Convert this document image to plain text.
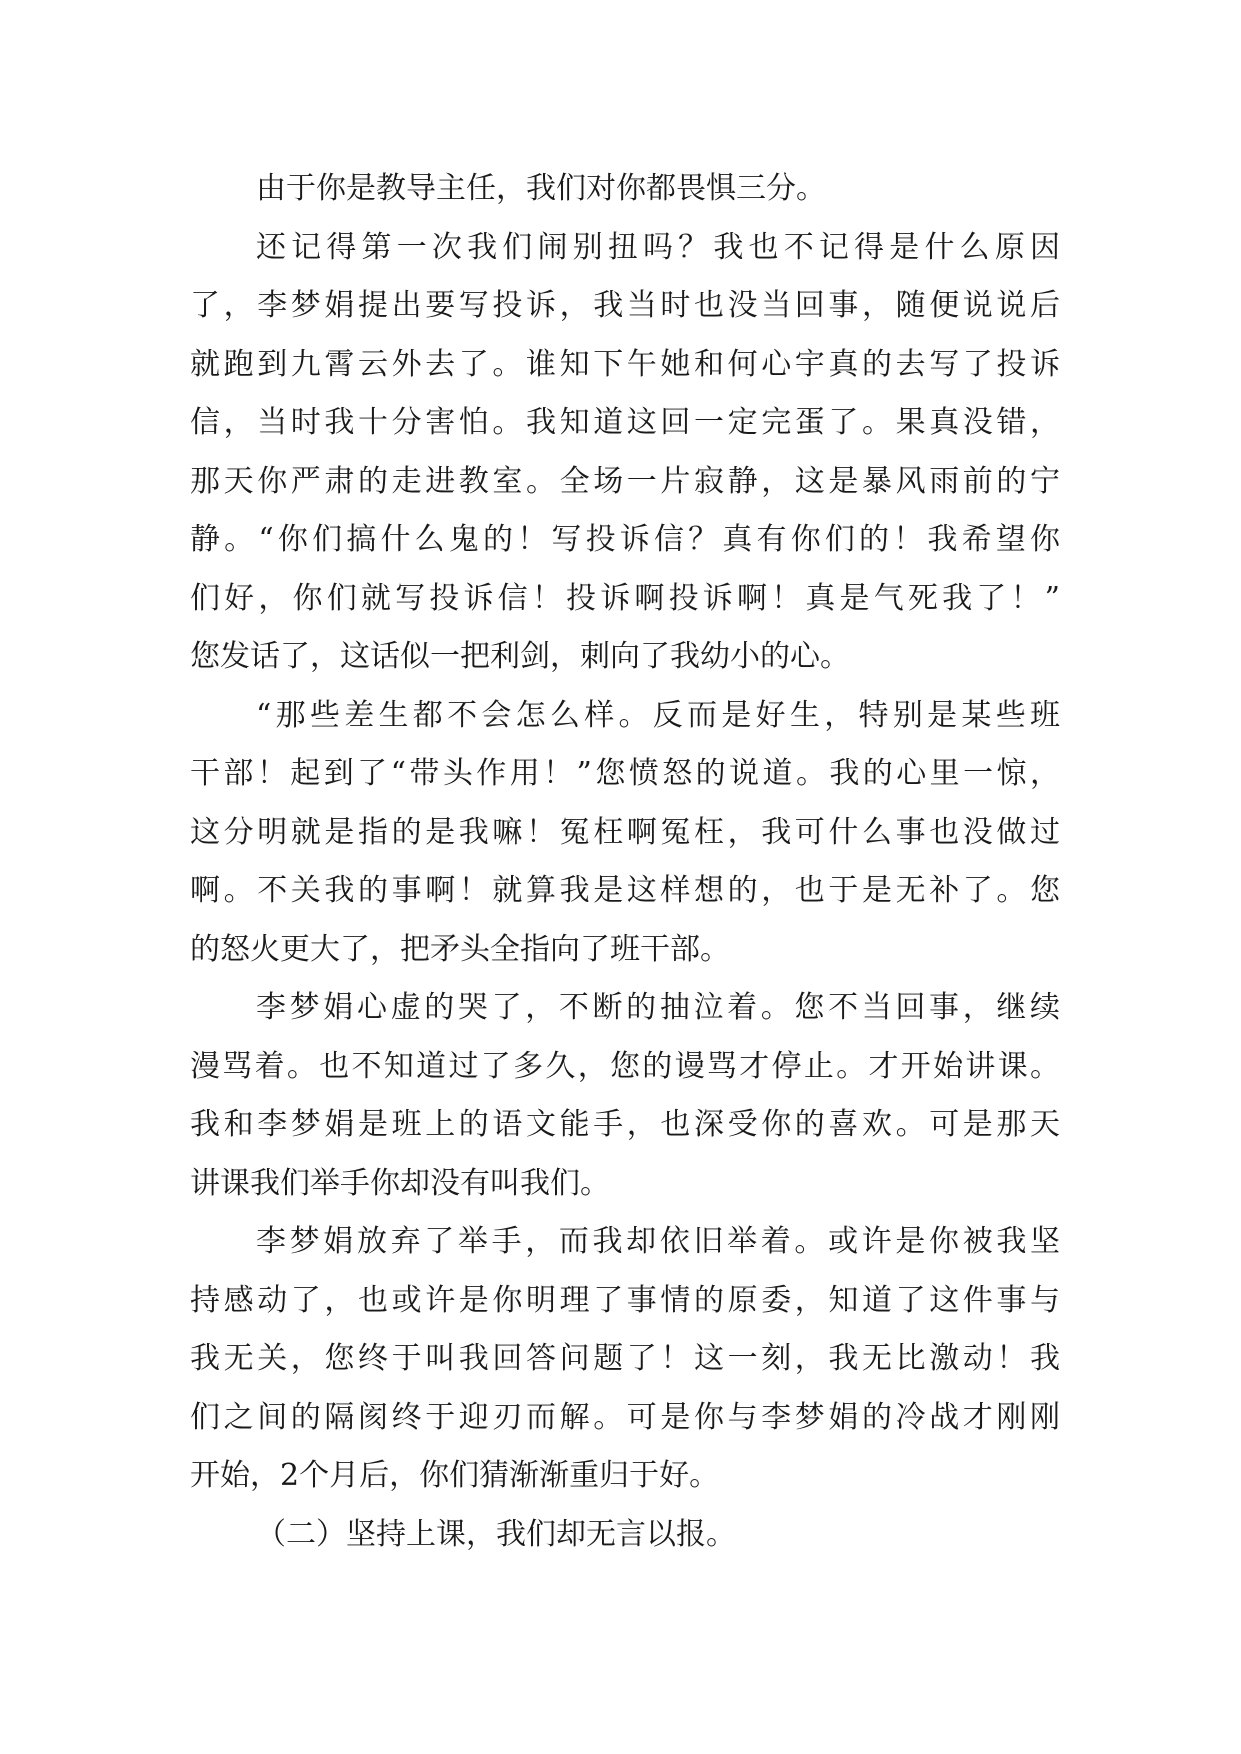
由于你是教导主任，我们对你都畏惧三分。
还记得第一次我们闹别扭吗？我也不记得是什么原因
了，李梦娟提出要写投诉，我当时也没当回事，随便说说后
就跑到九霄云外去了。谁知下午她和何心宇真的去写了投诉
信，当时我十分害怕。我知道这回一定完蛋了。果真没错，
那天你严肃的走进教室。全场一片寂静，这是暴风雨前的宁
静。“你们搞什么鬼的！写投诉信？真有你们的！我希望你
们好，你们就写投诉信！投诉啊投诉啊！真是气死我了！”
您发话了，这话似一把利剑，刺向了我幼小的心。
“那些差生都不会怎么样。反而是好生，特别是某些班
干部！起到了“带头作用！”您愤怒的说道。我的心里一惊，
这分明就是指的是我嘛！冤枉啊冤枉，我可什么事也没做过
啊。不关我的事啊！就算我是这样想的，也于是无补了。您
的怒火更大了，把矛头全指向了班干部。
李梦娟心虚的哭了，不断的抽泣着。您不当回事，继续
漫骂着。也不知道过了多久，您的谩骂才停止。才开始讲课。
我和李梦娟是班上的语文能手，也深受你的喜欢。可是那天
讲课我们举手你却没有叫我们。
李梦娟放弃了举手，而我却依旧举着。或许是你被我坚
持感动了，也或许是你明理了事情的原委，知道了这件事与
我无关，您终于叫我回答问题了！这一刻，我无比激动！我
们之间的隔阂终于迎刃而解。可是你与李梦娟的冷战才刚刚
开始，2个月后，你们猜渐渐重归于好。
（二）坚持上课，我们却无言以报。
